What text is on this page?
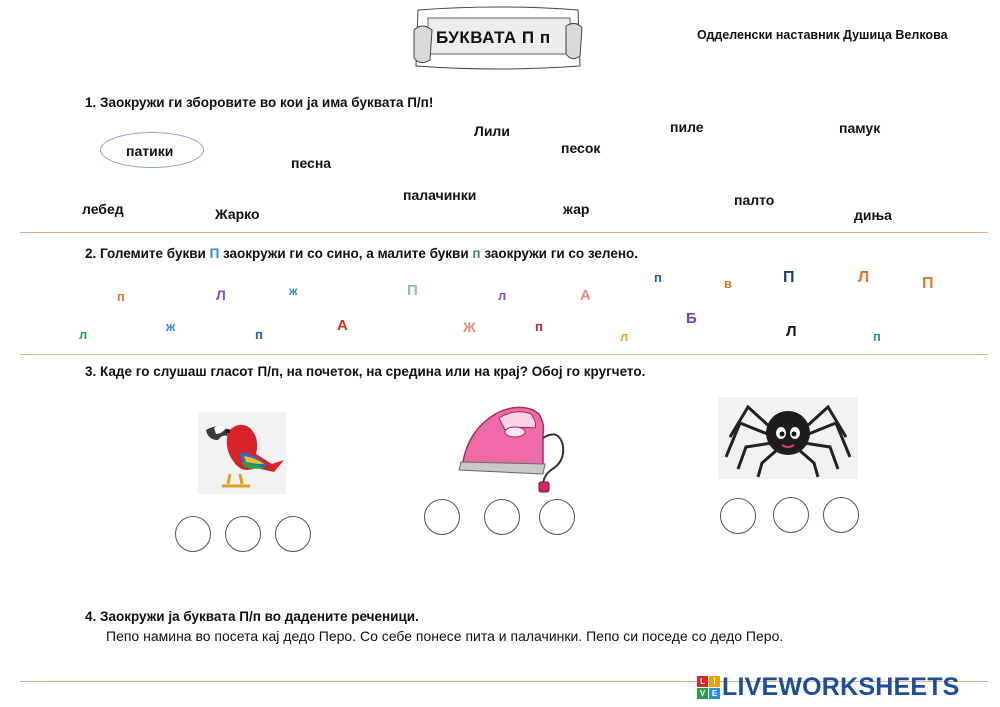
БУКВАТА П п	Одделенски наставник Душица Велкова
1. Заокружи ги зборовите во кои ја има буквата П/п!
патики
песна
Лили
песок
пиле	памук
лебед	Жарко
палачинки
жар
палто
диња
2. Големите букви П заокружи ги со сино, а малите букви п заокружи ги со зелено.
п	Л	ж	П	л	А
п	в	П	Л	П
л
ж
п
А	Ж	п
л
Б
Л	п
3. Каде го слушаш гласот П/п, на почеток, на средина или на крај? Обој го кругчето.
4. Заокружи ја буквата П/п во дадените реченици.
Пепо намина во посета кај дедо Перо. Со себе понесе пита и палачинки. Пепо си поседе со дедо Перо.
L	I
V E LIVEWORKSHEETS
